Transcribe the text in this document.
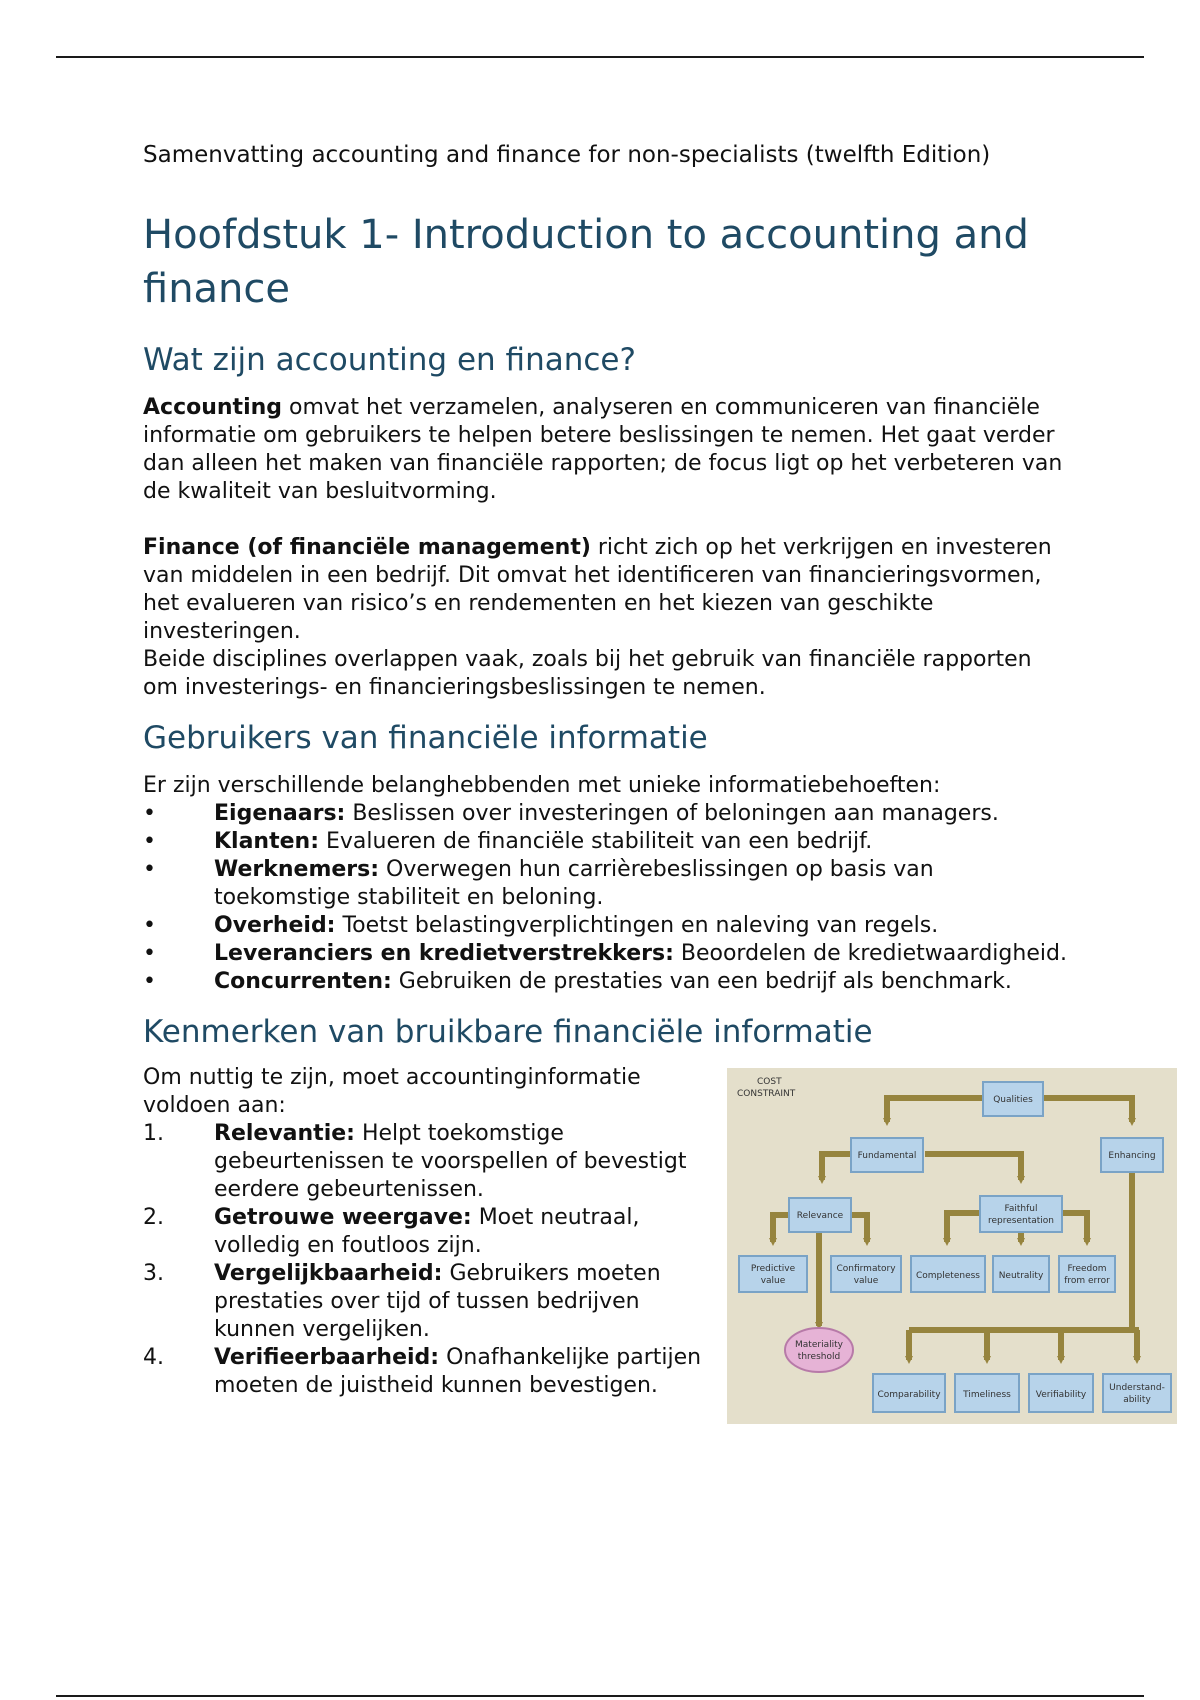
Samenvatting accounting and finance for non-specialists (twelfth Edition)

Hoofdstuk 1- Introduction to accounting and finance
Wat zijn accounting en finance?

Accounting omvat het verzamelen, analyseren en communiceren van financiële informatie om gebruikers te helpen betere beslissingen te nemen. Het gaat verder dan alleen het maken van financiële rapporten; de focus ligt op het verbeteren van de kwaliteit van besluitvorming.

Finance (of financiële management) richt zich op het verkrijgen en investeren van middelen in een bedrijf. Dit omvat het identificeren van financieringsvormen, het evalueren van risico’s en rendementen en het kiezen van geschikte investeringen.

Beide disciplines overlappen vaak, zoals bij het gebruik van financiële rapporten om investerings- en financieringsbeslissingen te nemen.

Gebruikers van financiële informatie

Er zijn verschillende belanghebbenden met unieke informatiebehoeften:

•	Eigenaars: Beslissen over investeringen of beloningen aan managers.
•	Klanten: Evalueren de financiële stabiliteit van een bedrijf.
•	Werknemers: Overwegen hun carrièrebeslissingen op basis van toekomstige stabiliteit en beloning.
•	Overheid: Toetst belastingverplichtingen en naleving van regels.
•	Leveranciers en kredietverstrekkers: Beoordelen de kredietwaardigheid.
•	Concurrenten: Gebruiken de prestaties van een bedrijf als benchmark.
Kenmerken van bruikbare financiële informatie

Om nuttig te zijn, moet accountinginformatie voldoen aan:

1. Relevantie: Helpt toekomstige gebeurtenissen te voorspellen of bevestigt eerdere gebeurtenissen.
2. Getrouwe weergave: Moet neutraal, volledig en foutloos zijn.
3. Vergelijkbaarheid: Gebruikers moeten prestaties over tijd of tussen bedrijven kunnen vergelijken.
4. Verifieerbaarheid: Onafhankelijke partijen moeten de juistheid kunnen bevestigen.
COST
CONSTRAINT
Qualities
Fundamental	Enhancing
Relevance
Faithful
representation
Predictive
value
Confirmatory
value	Completeness Neutrality
Freedom
from error
Materiality
threshold
Comparability	Timeliness	Verifiability
Understand-
ability
